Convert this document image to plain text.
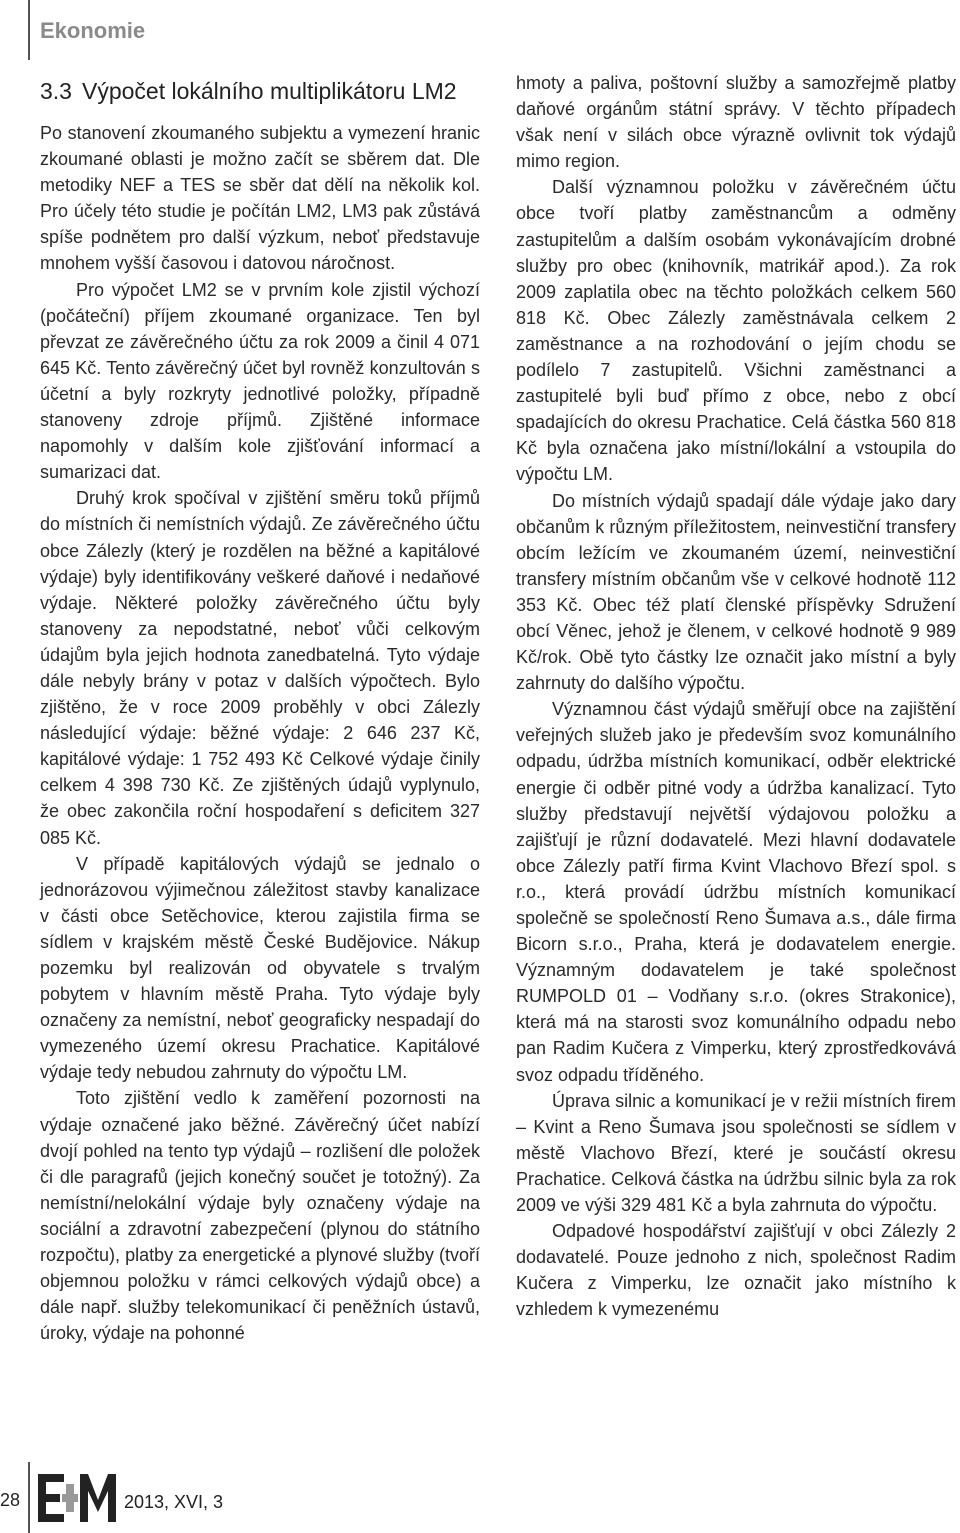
Ekonomie
3.3 Výpočet lokálního multiplikátoru LM2

Po stanovení zkoumaného subjektu a vymezení hranic zkoumané oblasti je možno začít se sběrem dat. Dle metodiky NEF a TES se sběr dat dělí na několik kol. Pro účely této studie je počítán LM2, LM3 pak zůstává spíše podnětem pro další výzkum, neboť představuje mnohem vyšší časovou i datovou náročnost.

Pro výpočet LM2 se v prvním kole zjistil výchozí (počáteční) příjem zkoumané organizace. Ten byl převzat ze závěrečného účtu za rok 2009 a činil 4 071 645 Kč. Tento závěrečný účet byl rovněž konzultován s účetní a byly rozkryty jednotlivé položky, případně stanoveny zdroje příjmů. Zjištěné informace napomohly v dalším kole zjišťování informací a sumarizaci dat.

Druhý krok spočíval v zjištění směru toků příjmů do místních či nemístních výdajů. Ze závěrečného účtu obce Zálezly (který je rozdělen na běžné a kapitálové výdaje) byly identifikovány veškeré daňové i nedaňové výdaje. Některé položky závěrečného účtu byly stanoveny za nepodstatné, neboť vůči celkovým údajům byla jejich hodnota zanedbatelná. Tyto výdaje dále nebyly brány v potaz v dalších výpočtech. Bylo zjištěno, že v roce 2009 proběhly v obci Zálezly následující výdaje: běžné výdaje: 2 646 237 Kč, kapitálové výdaje: 1 752 493 Kč Celkové výdaje činily celkem 4 398 730 Kč. Ze zjištěných údajů vyplynulo, že obec zakončila roční hospodaření s deficitem 327 085 Kč.

V případě kapitálových výdajů se jednalo o jednorázovou výjimečnou záležitost stavby kanalizace v části obce Setěchovice, kterou zajistila firma se sídlem v krajském městě České Budějovice. Nákup pozemku byl realizován od obyvatele s trvalým pobytem v hlavním městě Praha. Tyto výdaje byly označeny za nemístní, neboť geograficky nespadají do vymezeného území okresu Prachatice. Kapitálové výdaje tedy nebudou zahrnuty do výpočtu LM.

Toto zjištění vedlo k zaměření pozornosti na výdaje označené jako běžné. Závěrečný účet nabízí dvojí pohled na tento typ výdajů – rozlišení dle položek či dle paragrafů (jejich konečný součet je totožný). Za nemístní/nelokální výdaje byly označeny výdaje na sociální a zdravotní zabezpečení (plynou do státního rozpočtu), platby za energetické a plynové služby (tvoří objemnou položku v rámci celkových výdajů obce) a dále např. služby telekomunikací či peněžních ústavů, úroky, výdaje na pohonné

hmoty a paliva, poštovní služby a samozřejmě platby daňové orgánům státní správy. V těchto případech však není v silách obce výrazně ovlivnit tok výdajů mimo region.

Další významnou položku v závěrečném účtu obce tvoří platby zaměstnancům a odměny zastupitelům a dalším osobám vykonávajícím drobné služby pro obec (knihovník, matrikář apod.). Za rok 2009 zaplatila obec na těchto položkách celkem 560 818 Kč. Obec Zálezly zaměstnávala celkem 2 zaměstnance a na rozhodování o jejím chodu se podílelo 7 zastupitelů. Všichni zaměstnanci a zastupitelé byli buď přímo z obce, nebo z obcí spadajících do okresu Prachatice. Celá částka 560 818 Kč byla označena jako místní/lokální a vstoupila do výpočtu LM.

Do místních výdajů spadají dále výdaje jako dary občanům k různým příležitostem, neinvestiční transfery obcím ležícím ve zkoumaném území, neinvestiční transfery místním občanům vše v celkové hodnotě 112 353 Kč. Obec též platí členské příspěvky Sdružení obcí Věnec, jehož je členem, v celkové hodnotě 9 989 Kč/rok. Obě tyto částky lze označit jako místní a byly zahrnuty do dalšího výpočtu.

Významnou část výdajů směřují obce na zajištění veřejných služeb jako je především svoz komunálního odpadu, údržba místních komunikací, odběr elektrické energie či odběr pitné vody a údržba kanalizací. Tyto služby představují největší výdajovou položku a zajišťují je různí dodavatelé. Mezi hlavní dodavatele obce Zálezly patří firma Kvint Vlachovo Březí spol. s r.o., která provádí údržbu místních komunikací společně se společností Reno Šumava a.s., dále firma Bicorn s.r.o., Praha, která je dodavatelem energie. Významným dodavatelem je také společnost RUMPOLD 01 – Vodňany s.r.o. (okres Strakonice), která má na starosti svoz komunálního odpadu nebo pan Radim Kučera z Vimperku, který zprostředkovává svoz odpadu tříděného.

Úprava silnic a komunikací je v režii místních firem – Kvint a Reno Šumava jsou společnosti se sídlem v městě Vlachovo Březí, které je součástí okresu Prachatice. Celková částka na údržbu silnic byla za rok 2009 ve výši 329 481 Kč a byla zahrnuta do výpočtu.

Odpadové hospodářství zajišťují v obci Zálezly 2 dodavatelé. Pouze jednoho z nich, společnost Radim Kučera z Vimperku, lze označit jako místního k vzhledem k vymezenému

28	2013, XVI, 3
